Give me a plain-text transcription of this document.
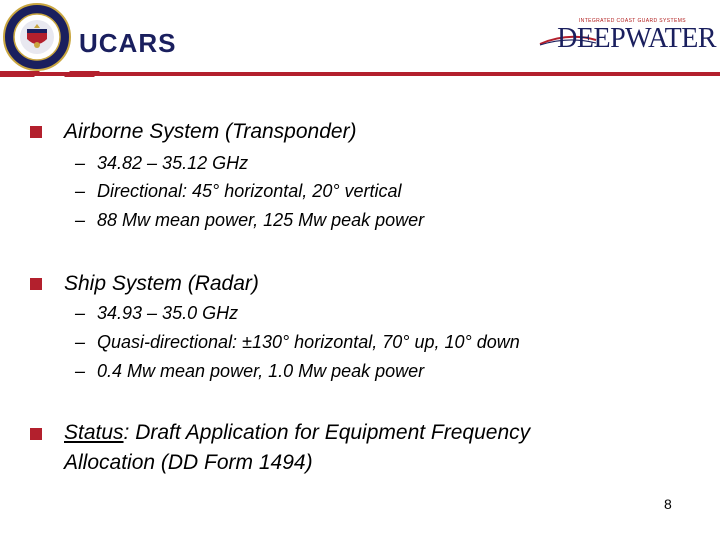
UCARS
INTEGRATED COAST GUARD SYSTEMS
DEEPWATER
Airborne System (Transponder)
– 34.82 – 35.12 GHz
– Directional: 45° horizontal, 20° vertical
– 88 Mw mean power, 125 Mw peak power
Ship System (Radar)
– 34.93 – 35.0 GHz
– Quasi-directional: ±130° horizontal, 70° up, 10° down
– 0.4 Mw mean power, 1.0 Mw peak power
Status: Draft Application for Equipment Frequency
Allocation (DD Form 1494)
8
